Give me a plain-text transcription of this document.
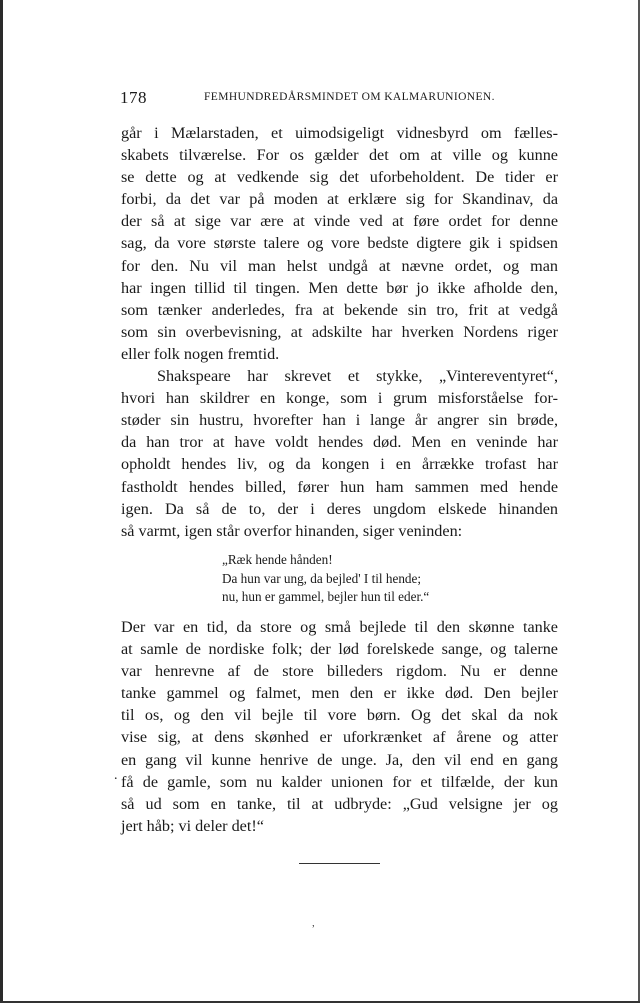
178	FEMHUNDREDÅRSMINDET OM KALMARUNIONEN.
går i Mælarstaden, et uimodsigeligt vidnesbyrd om fælles-
skabets tilværelse. For os gælder det om at ville og kunne
se dette og at vedkende sig det uforbeholdent. De tider er
forbi, da det var på moden at erklære sig for Skandinav, da
der så at sige var ære at vinde ved at føre ordet for denne
sag, da vore største talere og vore bedste digtere gik i spidsen
for den. Nu vil man helst undgå at nævne ordet, og man
har ingen tillid til tingen. Men dette bør jo ikke afholde den,
som tænker anderledes, fra at bekende sin tro, frit at vedgå
som sin overbevisning, at adskilte har hverken Nordens riger
eller folk nogen fremtid.
Shakspeare har skrevet et stykke, „Vintereventyret“,
hvori han skildrer en konge, som i grum misforståelse for-
støder sin hustru, hvorefter han i lange år angrer sin brøde,
da han tror at have voldt hendes død. Men en veninde har
opholdt hendes liv, og da kongen i en årrække trofast har
fastholdt hendes billed, fører hun ham sammen med hende
igen. Da så de to, der i deres ungdom elskede hinanden
så varmt, igen står overfor hinanden, siger veninden:
„Ræk hende hånden!
Da hun var ung, da bejled' I til hende;
nu, hun er gammel, bejler hun til eder.“
Der var en tid, da store og små bejlede til den skønne tanke
at samle de nordiske folk; der lød forelskede sange, og talerne
var henrevne af de store billeders rigdom. Nu er denne
tanke gammel og falmet, men den er ikke død. Den bejler
til os, og den vil bejle til vore børn. Og det skal da nok
vise sig, at dens skønhed er uforkrænket af årene og atter
en gang vil kunne henrive de unge. Ja, den vil end en gang
få de gamle, som nu kalder unionen for et tilfælde, der kun
så ud som en tanke, til at udbryde: „Gud velsigne jer og
jert håb; vi deler det!“
.
,
